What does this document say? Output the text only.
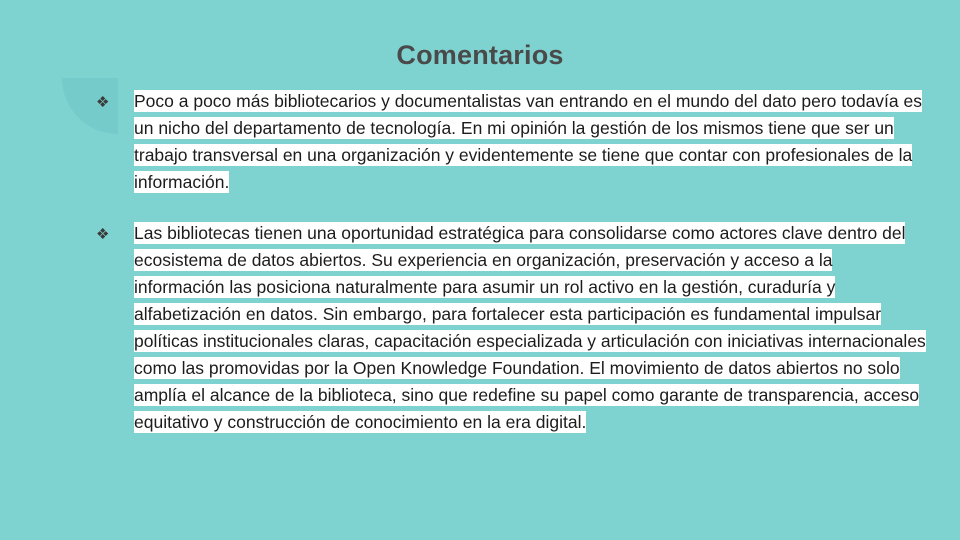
Comentarios
❖	Poco a poco más bibliotecarios y documentalistas van entrando en el mundo del dato pero todavía es un nicho del departamento de tecnología. En mi opinión la gestión de los mismos tiene que ser un trabajo transversal en una organización y evidentemente se tiene que contar con profesionales de la información.
❖	Las bibliotecas tienen una oportunidad estratégica para consolidarse como actores clave dentro del ecosistema de datos abiertos. Su experiencia en organización, preservación y acceso a la información las posiciona naturalmente para asumir un rol activo en la gestión, curaduría y alfabetización en datos. Sin embargo, para fortalecer esta participación es fundamental impulsar políticas institucionales claras, capacitación especializada y articulación con iniciativas internacionales como las promovidas por la Open Knowledge Foundation. El movimiento de datos abiertos no solo amplía el alcance de la biblioteca, sino que redefine su papel como garante de transparencia, acceso equitativo y construcción de conocimiento en la era digital.
